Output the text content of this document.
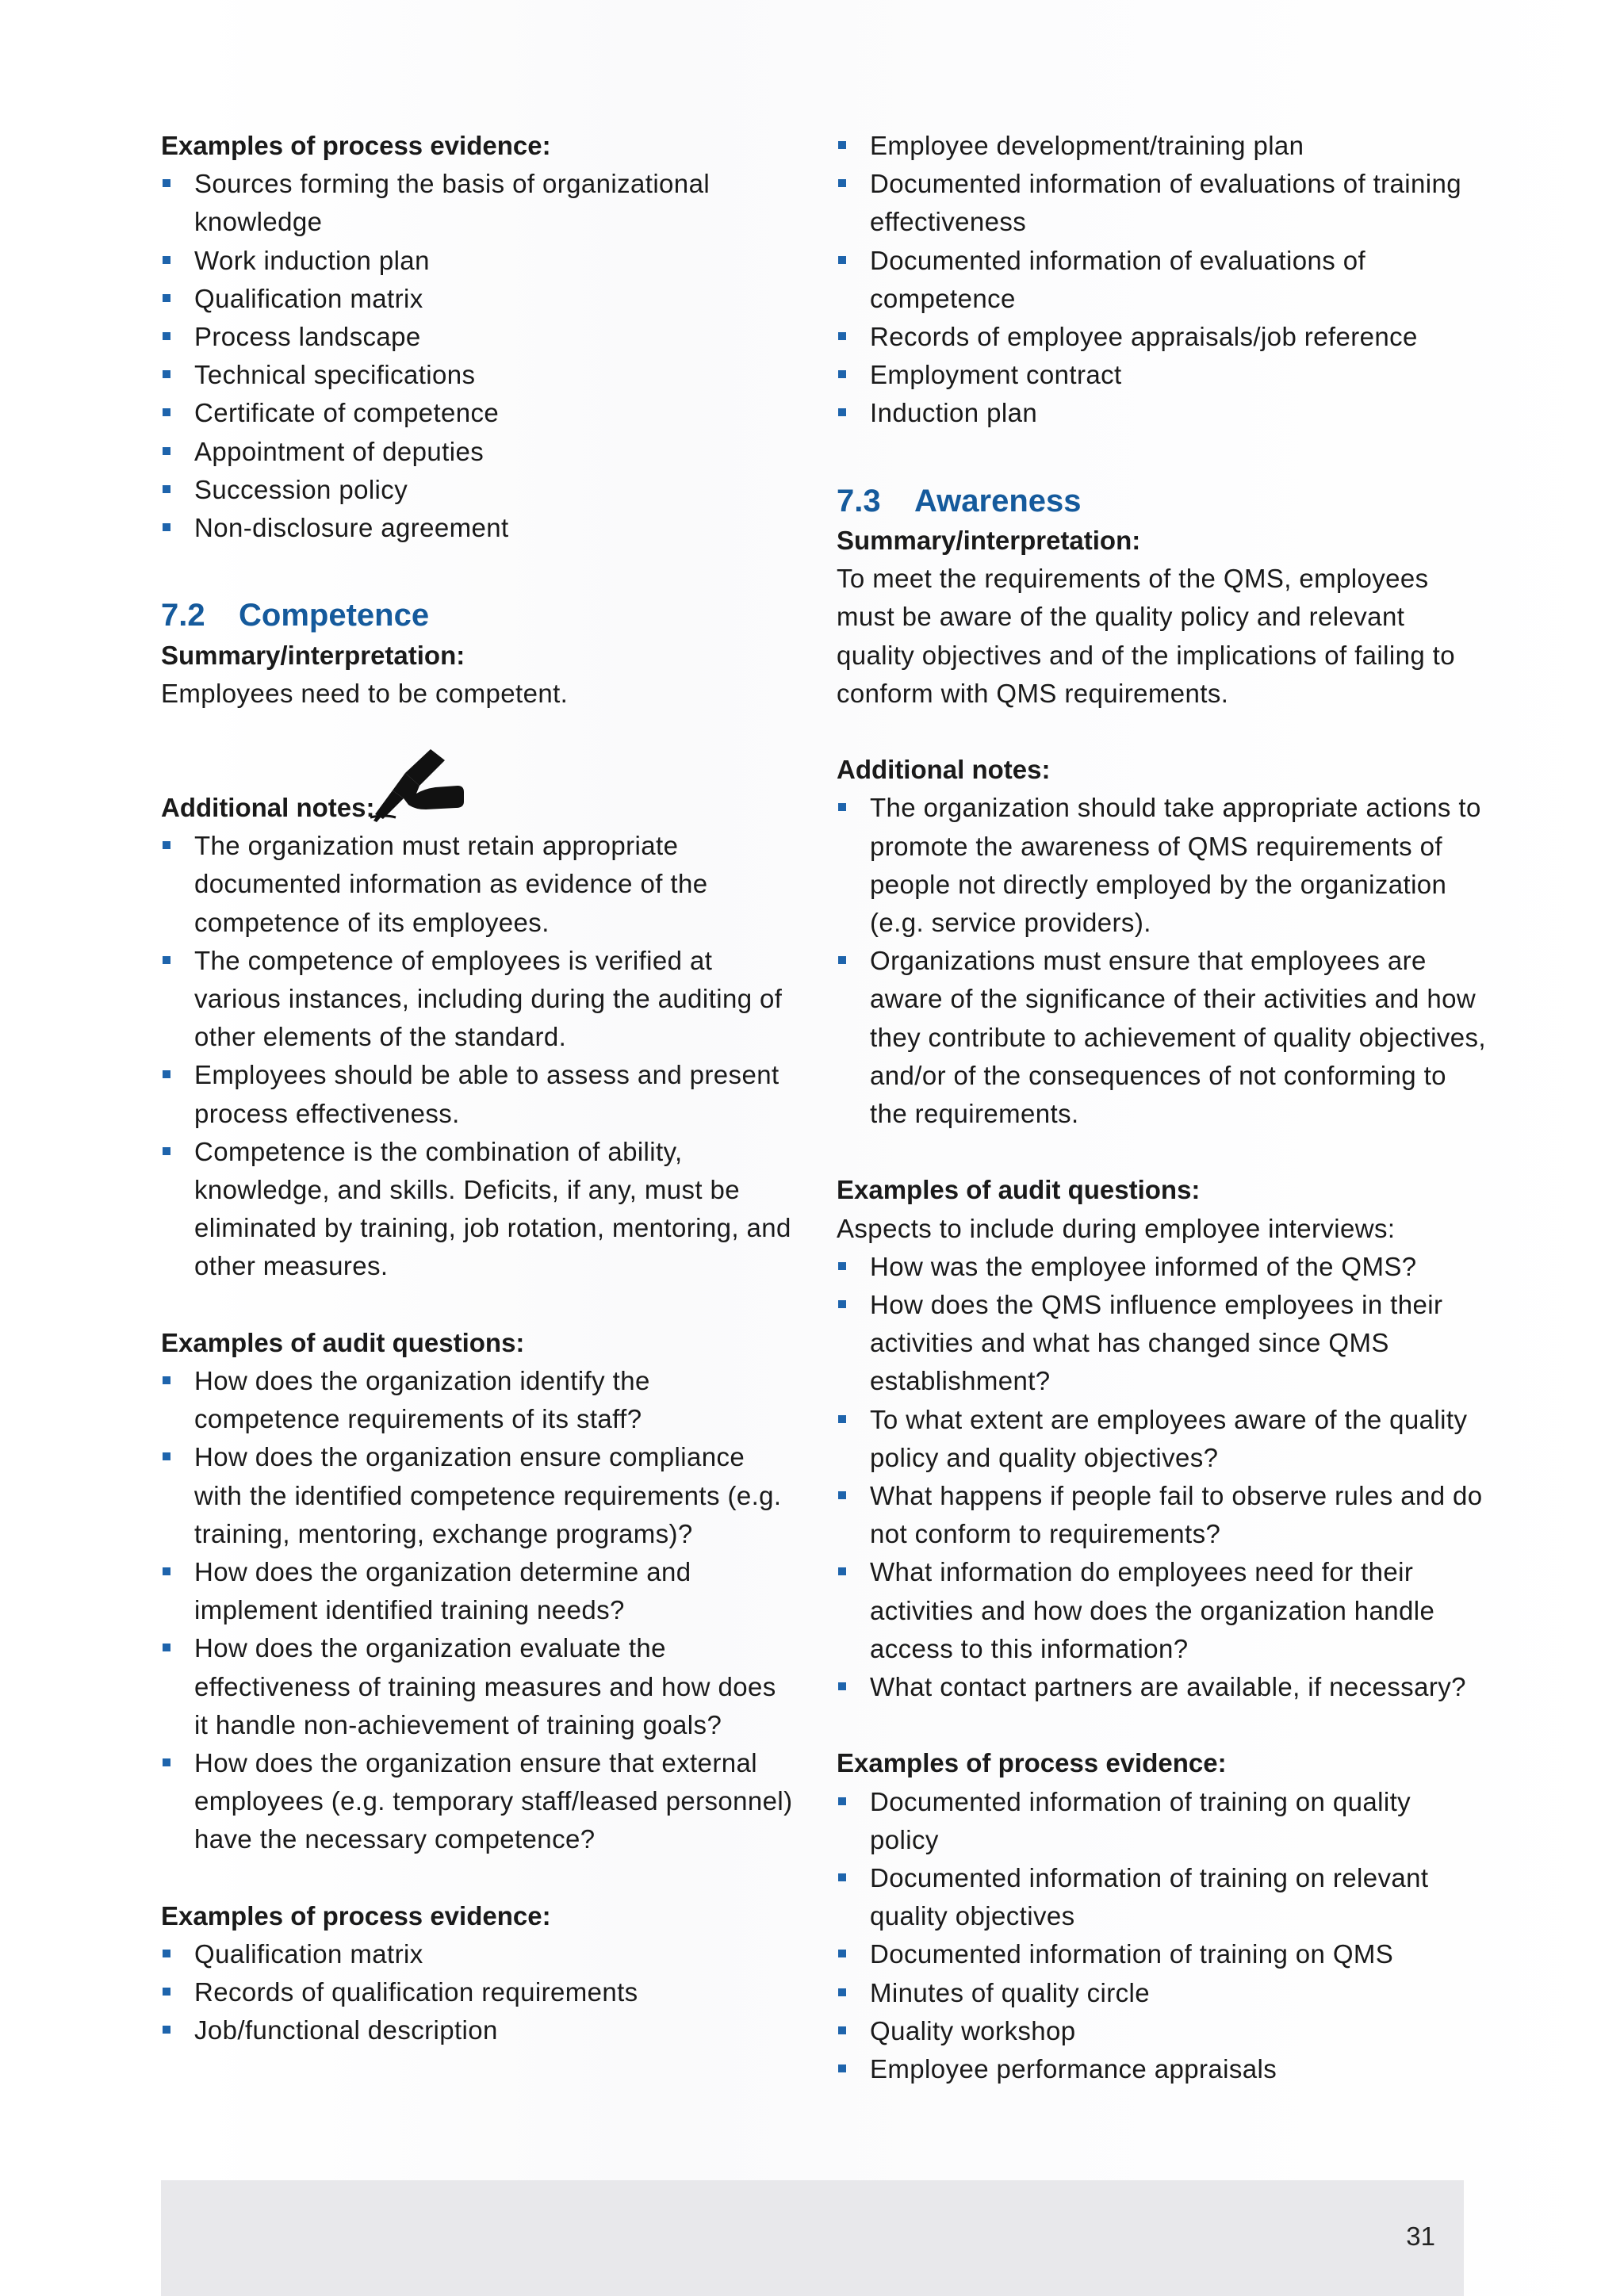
Examples of process evidence:
Sources forming the basis of organizational knowledge
Work induction plan
Qualification matrix
Process landscape
Technical specifications
Certificate of competence
Appointment of deputies
Succession policy
Non-disclosure agreement
7.2 Competence
Summary/interpretation:
Employees need to be competent.
Additional notes:
The organization must retain appropriate documented information as evidence of the competence of its employees.
The competence of employees is verified at various instances, including during the auditing of other elements of the standard.
Employees should be able to assess and present process effectiveness.
Competence is the combination of ability, knowledge, and skills. Deficits, if any, must be eliminated by training, job rotation, mentoring, and other measures.
Examples of audit questions:
How does the organization identify the competence requirements of its staff?
How does the organization ensure compliance with the identified competence requirements (e.g. training, mentoring, exchange programs)?
How does the organization determine and implement identified training needs?
How does the organization evaluate the effectiveness of training measures and how does it handle non-achievement of training goals?
How does the organization ensure that external employees (e.g. temporary staff/leased personnel) have the necessary competence?
Examples of process evidence:
Qualification matrix
Records of qualification requirements
Job/functional description
Employee development/training plan
Documented information of evaluations of training effectiveness
Documented information of evaluations of competence
Records of employee appraisals/job reference
Employment contract
Induction plan
7.3 Awareness
Summary/interpretation:
To meet the requirements of the QMS, employees must be aware of the quality policy and relevant quality objectives and of the implications of failing to conform with QMS requirements.
Additional notes:
The organization should take appropriate actions to promote the awareness of QMS requirements of people not directly employed by the organization (e.g. service providers).
Organizations must ensure that employees are aware of the significance of their activities and how they contribute to achievement of quality objectives, and/or of the consequences of not conforming to the requirements.
Examples of audit questions:
Aspects to include during employee interviews:
How was the employee informed of the QMS?
How does the QMS influence employees in their activities and what has changed since QMS establishment?
To what extent are employees aware of the quality policy and quality objectives?
What happens if people fail to observe rules and do not conform to requirements?
What information do employees need for their activities and how does the organization handle access to this information?
What contact partners are available, if necessary?
Examples of process evidence:
Documented information of training on quality policy
Documented information of training on relevant quality objectives
Documented information of training on QMS
Minutes of quality circle
Quality workshop
Employee performance appraisals
31
